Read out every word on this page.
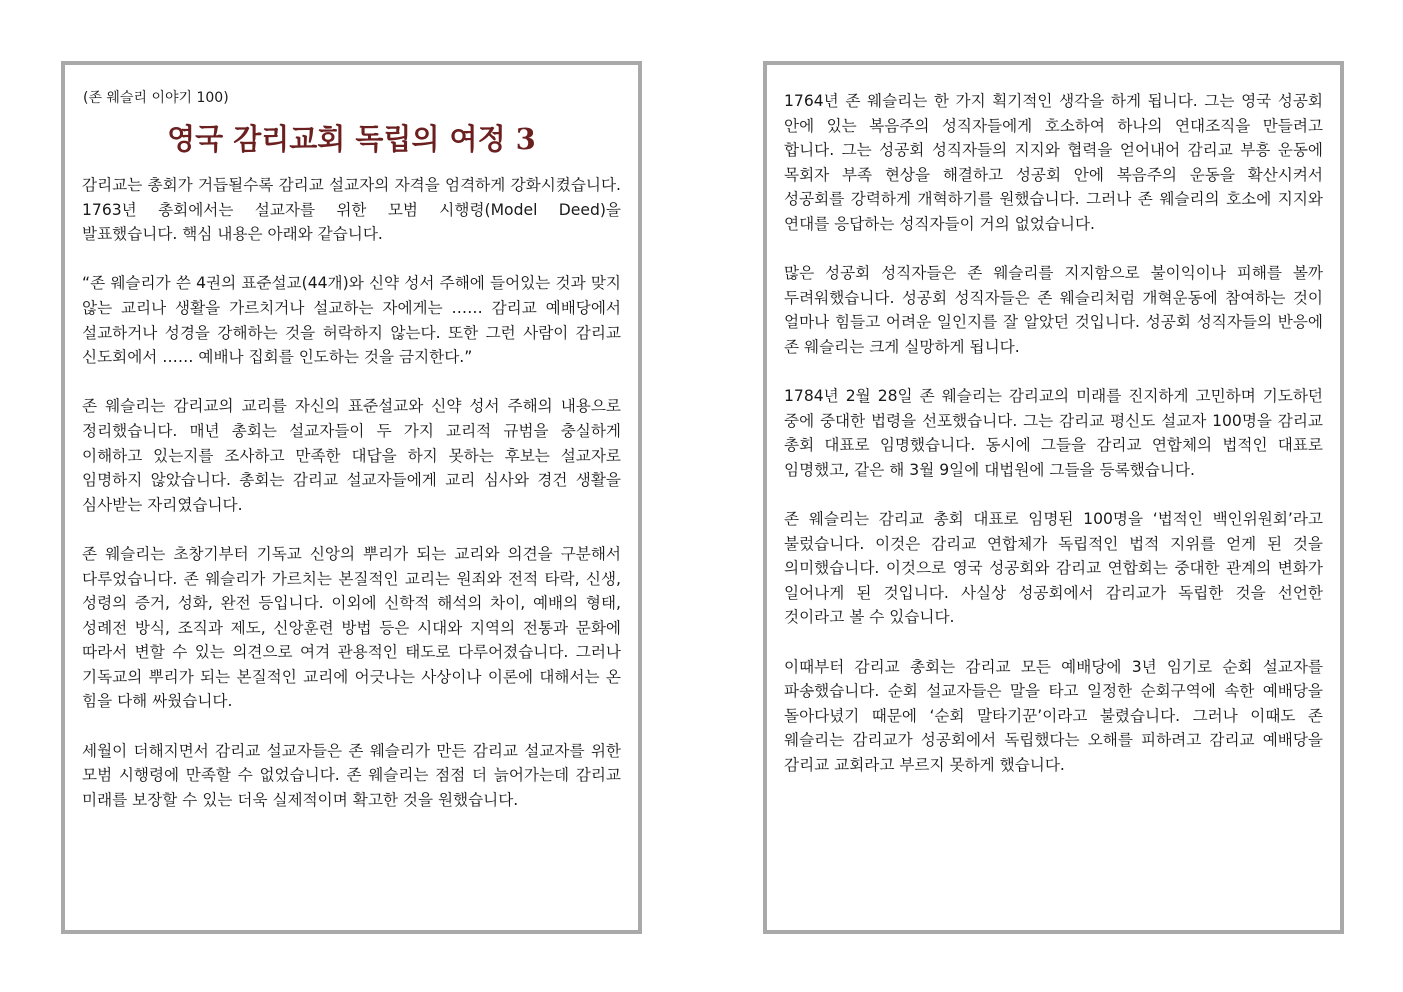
(존 웨슬리 이야기 100)
영국 감리교회 독립의 여정 3
감리교는 총회가 거듭될수록 감리교 설교자의 자격을 엄격하게 강화시켰습니다. 1763년 총회에서는 설교자를 위한 모범 시행령(Model Deed)을 발표했습니다. 핵심 내용은 아래와 같습니다.
“존 웨슬리가 쓴 4권의 표준설교(44개)와 신약 성서 주해에 들어있는 것과 맞지 않는 교리나 생활을 가르치거나 설교하는 자에게는 …… 감리교 예배당에서 설교하거나 성경을 강해하는 것을 허락하지 않는다. 또한 그런 사람이 감리교 신도회에서 …… 예배나 집회를 인도하는 것을 금지한다.”
존 웨슬리는 감리교의 교리를 자신의 표준설교와 신약 성서 주해의 내용으로 정리했습니다. 매년 총회는 설교자들이 두 가지 교리적 규범을 충실하게 이해하고 있는지를 조사하고 만족한 대답을 하지 못하는 후보는 설교자로 임명하지 않았습니다. 총회는 감리교 설교자들에게 교리 심사와 경건 생활을 심사받는 자리였습니다.
존 웨슬리는 초창기부터 기독교 신앙의 뿌리가 되는 교리와 의견을 구분해서 다루었습니다. 존 웨슬리가 가르치는 본질적인 교리는 원죄와 전적 타락, 신생, 성령의 증거, 성화, 완전 등입니다. 이외에 신학적 해석의 차이, 예배의 형태, 성례전 방식, 조직과 제도, 신앙훈련 방법 등은 시대와 지역의 전통과 문화에 따라서 변할 수 있는 의견으로 여겨 관용적인 태도로 다루어졌습니다. 그러나 기독교의 뿌리가 되는 본질적인 교리에 어긋나는 사상이나 이론에 대해서는 온 힘을 다해 싸웠습니다.
세월이 더해지면서 감리교 설교자들은 존 웨슬리가 만든 감리교 설교자를 위한 모범 시행령에 만족할 수 없었습니다. 존 웨슬리는 점점 더 늙어가는데 감리교 미래를 보장할 수 있는 더욱 실제적이며 확고한 것을 원했습니다.
1764년 존 웨슬리는 한 가지 획기적인 생각을 하게 됩니다. 그는 영국 성공회 안에 있는 복음주의 성직자들에게 호소하여 하나의 연대조직을 만들려고 합니다. 그는 성공회 성직자들의 지지와 협력을 얻어내어 감리교 부흥 운동에 목회자 부족 현상을 해결하고 성공회 안에 복음주의 운동을 확산시켜서 성공회를 강력하게 개혁하기를 원했습니다. 그러나 존 웨슬리의 호소에 지지와 연대를 응답하는 성직자들이 거의 없었습니다.
많은 성공회 성직자들은 존 웨슬리를 지지함으로 불이익이나 피해를 볼까 두려워했습니다. 성공회 성직자들은 존 웨슬리처럼 개혁운동에 참여하는 것이 얼마나 힘들고 어려운 일인지를 잘 알았던 것입니다. 성공회 성직자들의 반응에 존 웨슬리는 크게 실망하게 됩니다.
1784년 2월 28일 존 웨슬리는 감리교의 미래를 진지하게 고민하며 기도하던 중에 중대한 법령을 선포했습니다. 그는 감리교 평신도 설교자 100명을 감리교 총회 대표로 임명했습니다. 동시에 그들을 감리교 연합체의 법적인 대표로 임명했고, 같은 해 3월 9일에 대법원에 그들을 등록했습니다.
존 웨슬리는 감리교 총회 대표로 임명된 100명을 ‘법적인 백인위원회’라고 불렀습니다. 이것은 감리교 연합체가 독립적인 법적 지위를 얻게 된 것을 의미했습니다. 이것으로 영국 성공회와 감리교 연합회는 중대한 관계의 변화가 일어나게 된 것입니다. 사실상 성공회에서 감리교가 독립한 것을 선언한 것이라고 볼 수 있습니다.
이때부터 감리교 총회는 감리교 모든 예배당에 3년 임기로 순회 설교자를 파송했습니다. 순회 설교자들은 말을 타고 일정한 순회구역에 속한 예배당을 돌아다녔기 때문에 ‘순회 말타기꾼’이라고 불렸습니다. 그러나 이때도 존 웨슬리는 감리교가 성공회에서 독립했다는 오해를 피하려고 감리교 예배당을 감리교 교회라고 부르지 못하게 했습니다.
